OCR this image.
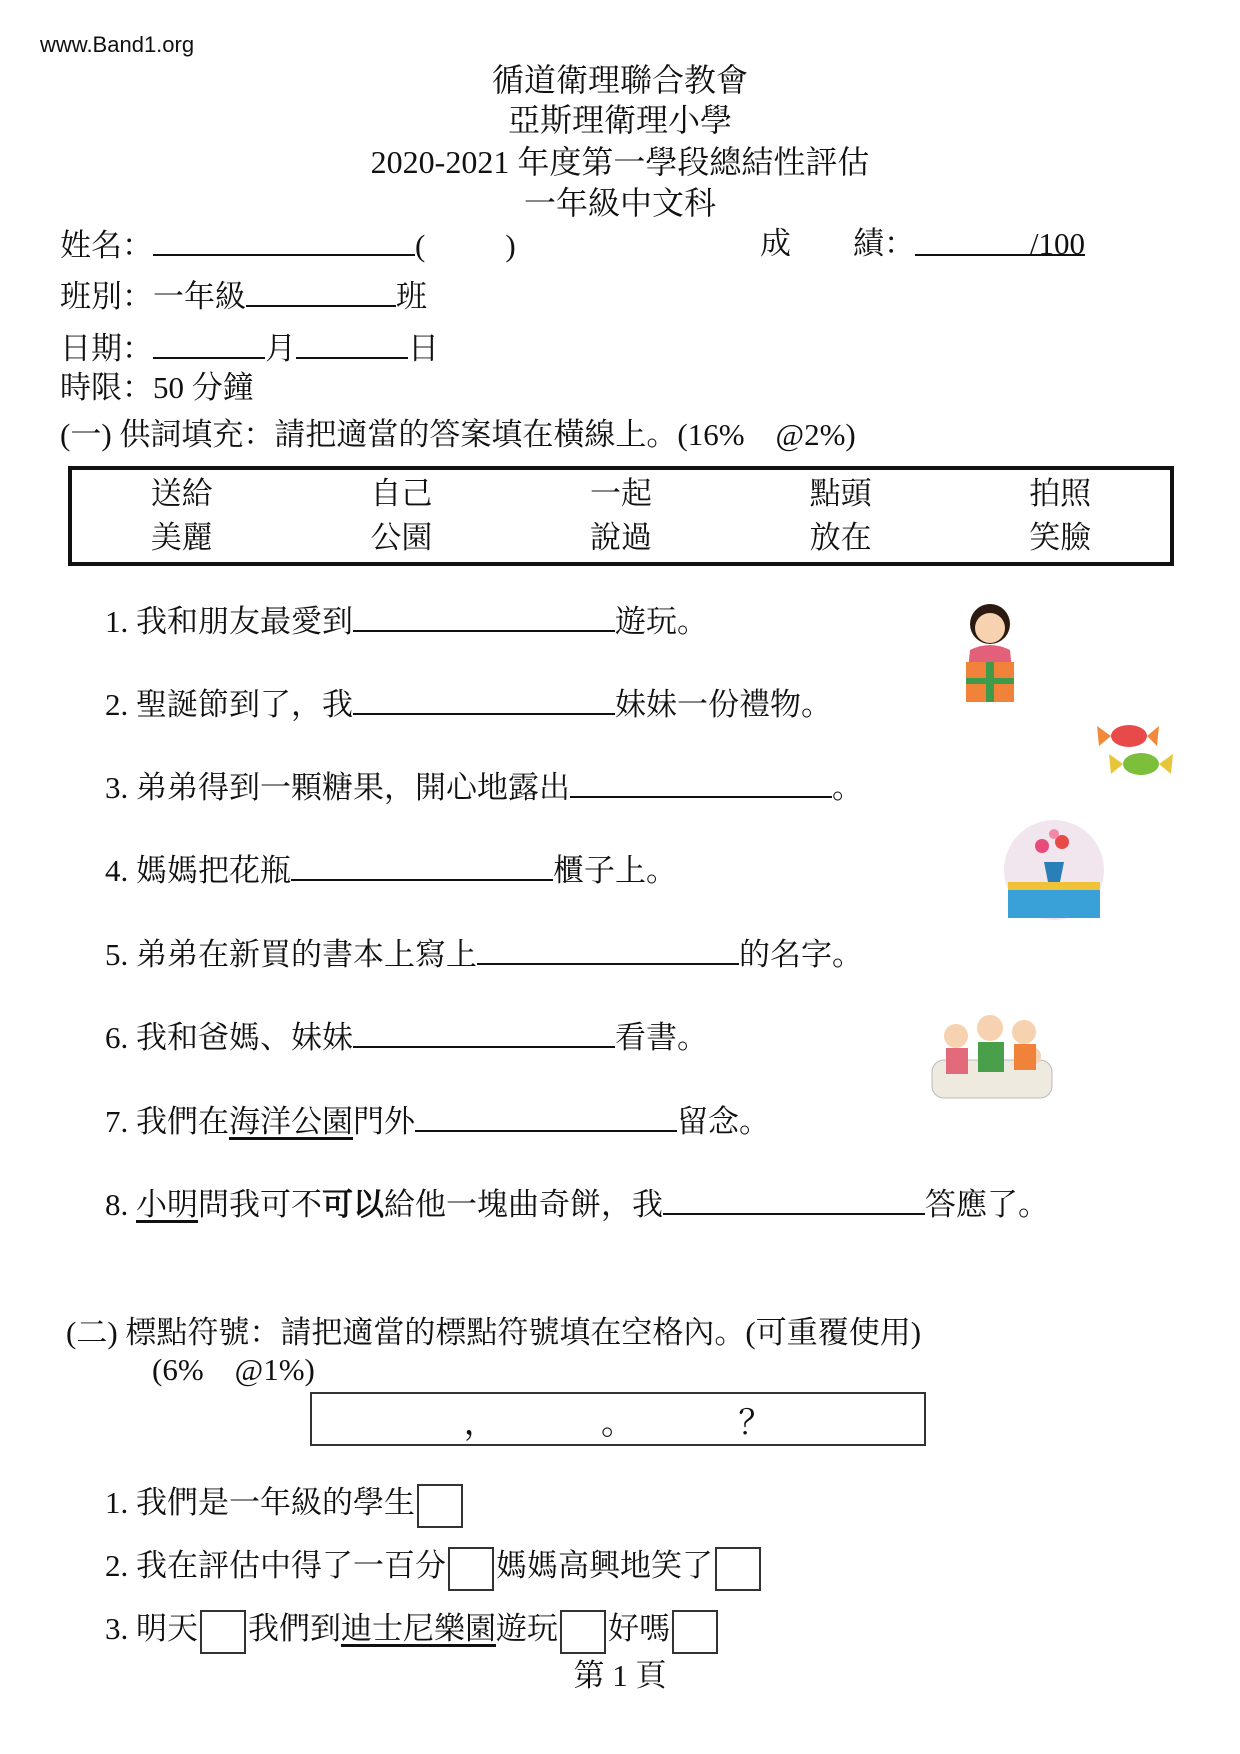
www.Band1.org
循道衛理聯合教會
亞斯理衛理小學
2020-2021 年度第一學段總結性評估
一年級中文科
姓名：	(	)	成　　績：	/100
班別：一年級	班
日期：	月	日
時限：50 分鐘
(一) 供詞填充：請把適當的答案填在橫線上。(16%　@2%)
送給	自己	一起	點頭	拍照
美麗	公園	說過	放在	笑臉
1. 我和朋友最愛到	遊玩。
2. 聖誕節到了，我	妹妹一份禮物。
3. 弟弟得到一顆糖果，開心地露出	。
4. 媽媽把花瓶	櫃子上。
5. 弟弟在新買的書本上寫上	的名字。
6. 我和爸媽、妹妹	看書。
7. 我們在海洋公園門外	留念。
8. 小明問我可不可以給他一塊曲奇餅，我	答應了。
(二) 標點符號：請把適當的標點符號填在空格內。(可重覆使用)
(6%　@1%)
，	。	？
1. 我們是一年級的學生
2. 我在評估中得了一百分 媽媽高興地笑了
3. 明天 我們到迪士尼樂園遊玩 好嗎
第 1 頁
